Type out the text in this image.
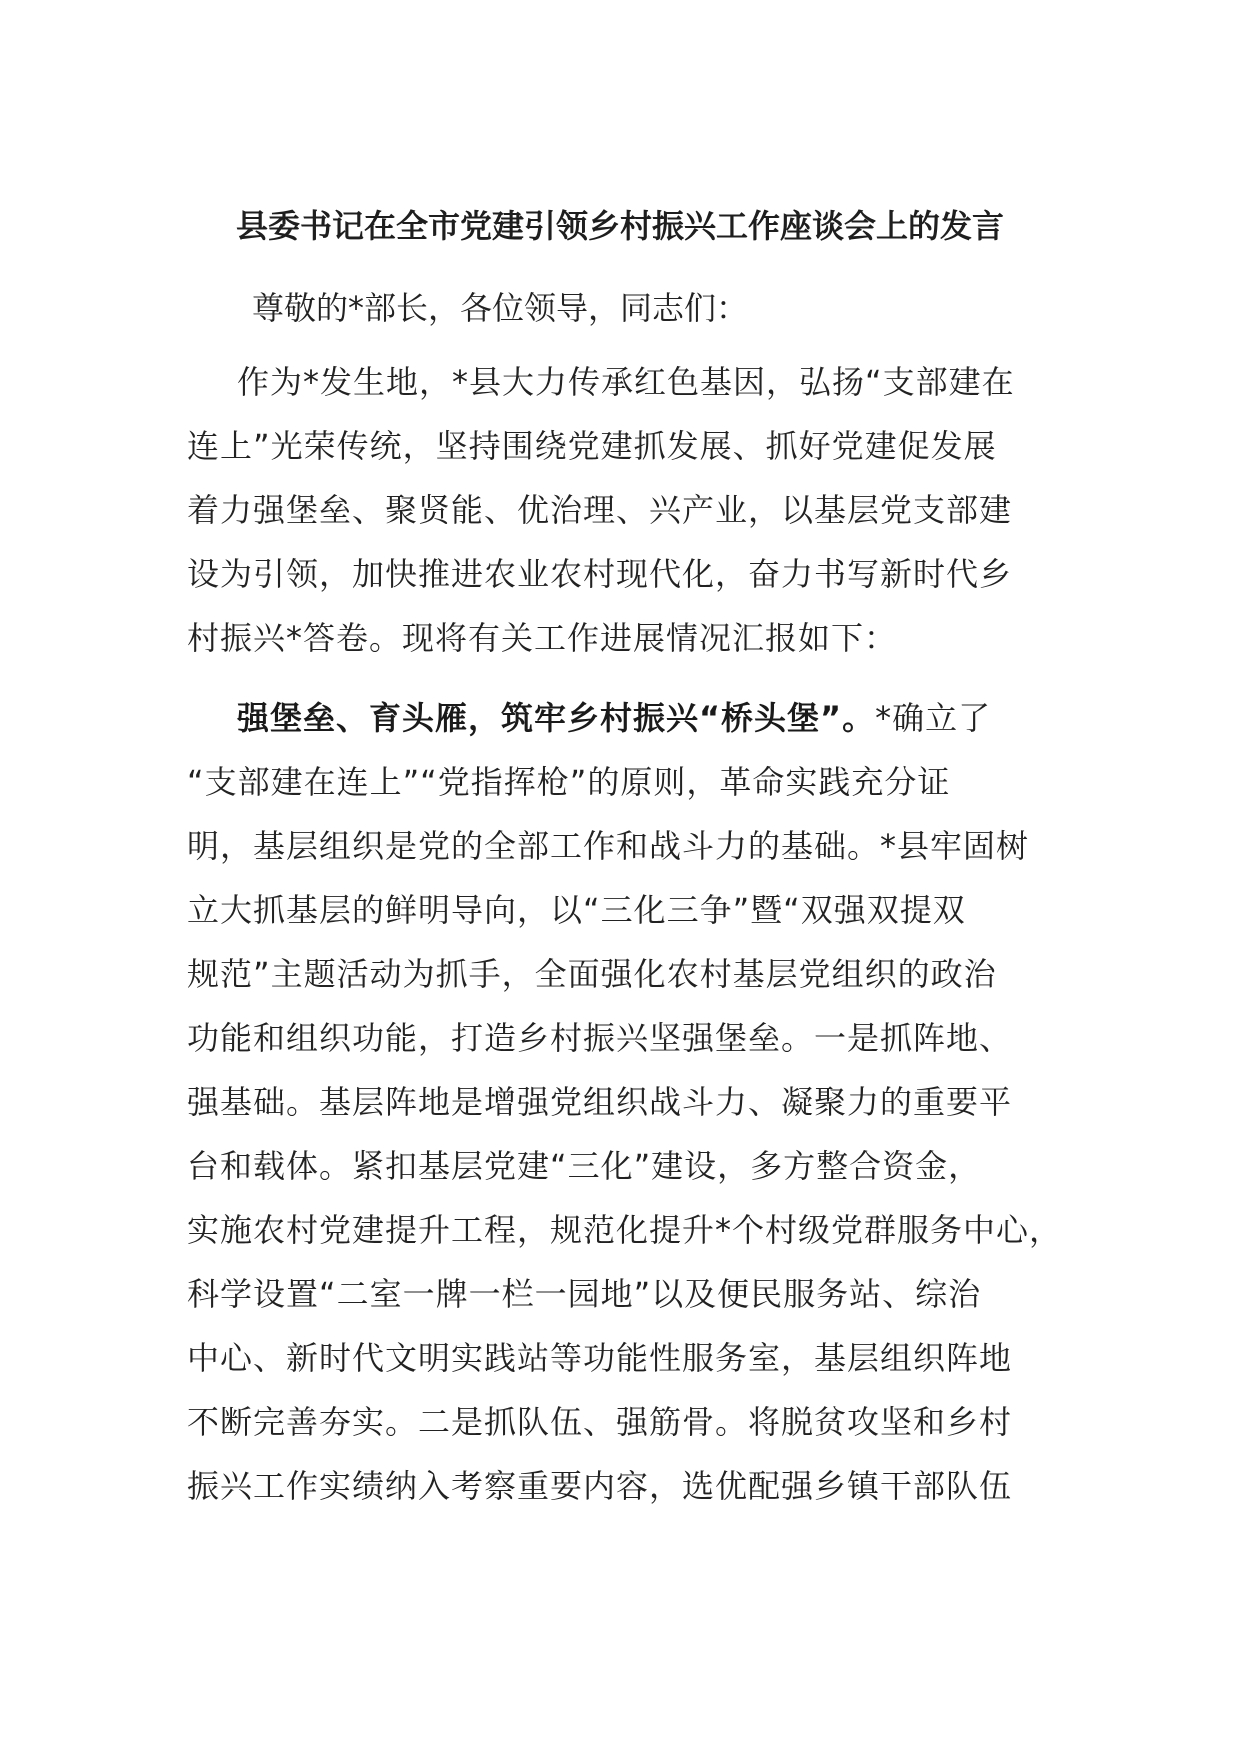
县委书记在全市党建引领乡村振兴工作座谈会上的发言

尊敬的*部长，各位领导，同志们：

作为*发生地，*县大力传承红色基因，弘扬“支部建在
连上”光荣传统，坚持围绕党建抓发展、抓好党建促发展
着力强堡垒、聚贤能、优治理、兴产业，以基层党支部建
设为引领，加快推进农业农村现代化，奋力书写新时代乡
村振兴*答卷。现将有关工作进展情况汇报如下：
强堡垒、育头雁，筑牢乡村振兴“桥头堡”。*确立了
“支部建在连上”“党指挥枪”的原则，革命实践充分证
明，基层组织是党的全部工作和战斗力的基础。*县牢固树
立大抓基层的鲜明导向，以“三化三争”暨“双强双提双
规范”主题活动为抓手，全面强化农村基层党组织的政治
功能和组织功能，打造乡村振兴坚强堡垒。一是抓阵地、
强基础。基层阵地是增强党组织战斗力、凝聚力的重要平
台和载体。紧扣基层党建“三化”建设，多方整合资金，
实施农村党建提升工程，规范化提升*个村级党群服务中心，
科学设置“二室一牌一栏一园地”以及便民服务站、综治
中心、新时代文明实践站等功能性服务室，基层组织阵地
不断完善夯实。二是抓队伍、强筋骨。将脱贫攻坚和乡村
振兴工作实绩纳入考察重要内容，选优配强乡镇干部队伍
